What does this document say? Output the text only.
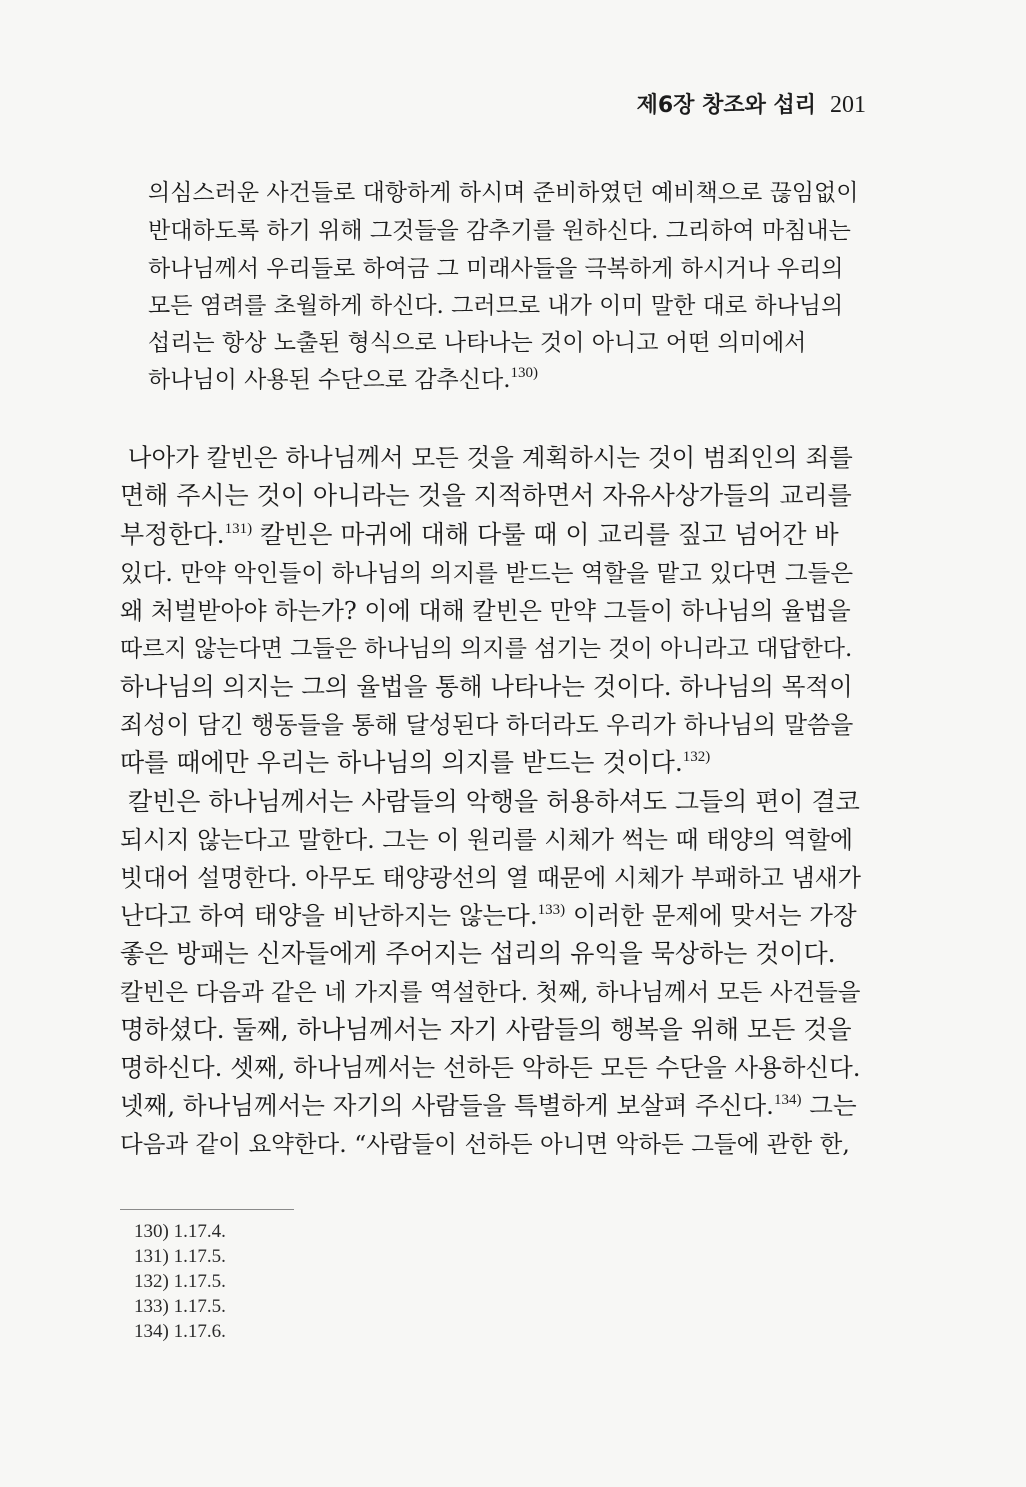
제6장 창조와 섭리 201
의심스러운 사건들로 대항하게 하시며 준비하였던 예비책으로 끊임없이
반대하도록 하기 위해 그것들을 감추기를 원하신다. 그리하여 마침내는
하나님께서 우리들로 하여금 그 미래사들을 극복하게 하시거나 우리의
모든 염려를 초월하게 하신다. 그러므로 내가 이미 말한 대로 하나님의
섭리는 항상 노출된 형식으로 나타나는 것이 아니고 어떤 의미에서
하나님이 사용된 수단으로 감추신다.$^{130)}$
나아가 칼빈은 하나님께서 모든 것을 계획하시는 것이 범죄인의 죄를
면해 주시는 것이 아니라는 것을 지적하면서 자유사상가들의 교리를
부정한다.$^{131)}$ 칼빈은 마귀에 대해 다룰 때 이 교리를 짚고 넘어간 바
있다. 만약 악인들이 하나님의 의지를 받드는 역할을 맡고 있다면 그들은
왜 처벌받아야 하는가? 이에 대해 칼빈은 만약 그들이 하나님의 율법을
따르지 않는다면 그들은 하나님의 의지를 섬기는 것이 아니라고 대답한다.
하나님의 의지는 그의 율법을 통해 나타나는 것이다. 하나님의 목적이
죄성이 담긴 행동들을 통해 달성된다 하더라도 우리가 하나님의 말씀을
따를 때에만 우리는 하나님의 의지를 받드는 것이다.$^{132)}$
칼빈은 하나님께서는 사람들의 악행을 허용하셔도 그들의 편이 결코
되시지 않는다고 말한다. 그는 이 원리를 시체가 썩는 때 태양의 역할에
빗대어 설명한다. 아무도 태양광선의 열 때문에 시체가 부패하고 냄새가
난다고 하여 태양을 비난하지는 않는다.$^{133)}$ 이러한 문제에 맞서는 가장
좋은 방패는 신자들에게 주어지는 섭리의 유익을 묵상하는 것이다.
칼빈은 다음과 같은 네 가지를 역설한다. 첫째, 하나님께서 모든 사건들을
명하셨다. 둘째, 하나님께서는 자기 사람들의 행복을 위해 모든 것을
명하신다. 셋째, 하나님께서는 선하든 악하든 모든 수단을 사용하신다.
넷째, 하나님께서는 자기의 사람들을 특별하게 보살펴 주신다.$^{134)}$ 그는
다음과 같이 요약한다. “사람들이 선하든 아니면 악하든 그들에 관한 한,
130) 1.17.4.
131) 1.17.5.
132) 1.17.5.
133) 1.17.5.
134) 1.17.6.
